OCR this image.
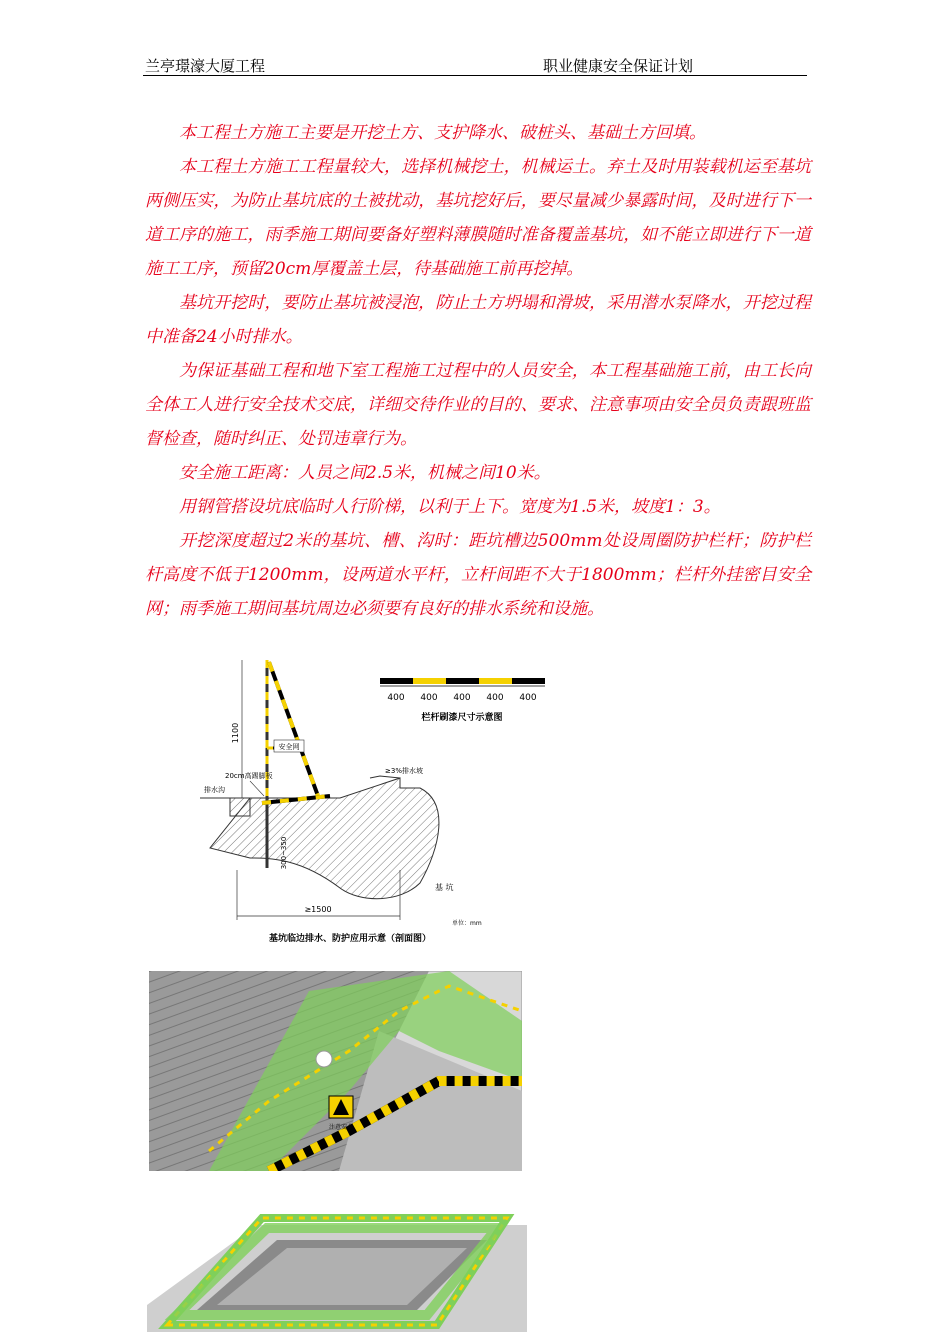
兰亭璟濠大厦工程	职业健康安全保证计划

本工程土方施工主要是开挖土方、支护降水、破桩头、基础土方回填。

本工程土方施工工程量较大，选择机械挖土，机械运土。弃土及时用装载机运至基坑两侧压实，为防止基坑底的土被扰动，基坑挖好后，要尽量减少暴露时间，及时进行下一道工序的施工，雨季施工期间要备好塑料薄膜随时准备覆盖基坑，如不能立即进行下一道施工工序，预留20cm厚覆盖土层，待基础施工前再挖掉。

基坑开挖时，要防止基坑被浸泡，防止土方坍塌和滑坡，采用潜水泵降水，开挖过程中准备24小时排水。

为保证基础工程和地下室工程施工过程中的人员安全，本工程基础施工前，由工长向全体工人进行安全技术交底，详细交待作业的目的、要求、注意事项由安全员负责跟班监督检查，随时纠正、处罚违章行为。

安全施工距离：人员之间2.5米，机械之间10米。

用钢管搭设坑底临时人行阶梯，以利于上下。宽度为1.5米，坡度1：3。

开挖深度超过2米的基坑、槽、沟时：距坑槽边500mm处设周圈防护栏杆；防护栏杆高度不低于1200mm，设两道水平杆，立杆间距不大于1800mm；栏杆外挂密目安全网；雨季施工期间基坑周边必须要有良好的排水系统和设施。

400 400 400 400 400
栏杆刷漆尺寸示意图
1100
安全网
20cm高踢脚板
≥3%排水坡
排水沟
300~350
基 坑
≥1500
单位：mm
基坑临边排水、防护应用示意（剖面图）
注意安全
